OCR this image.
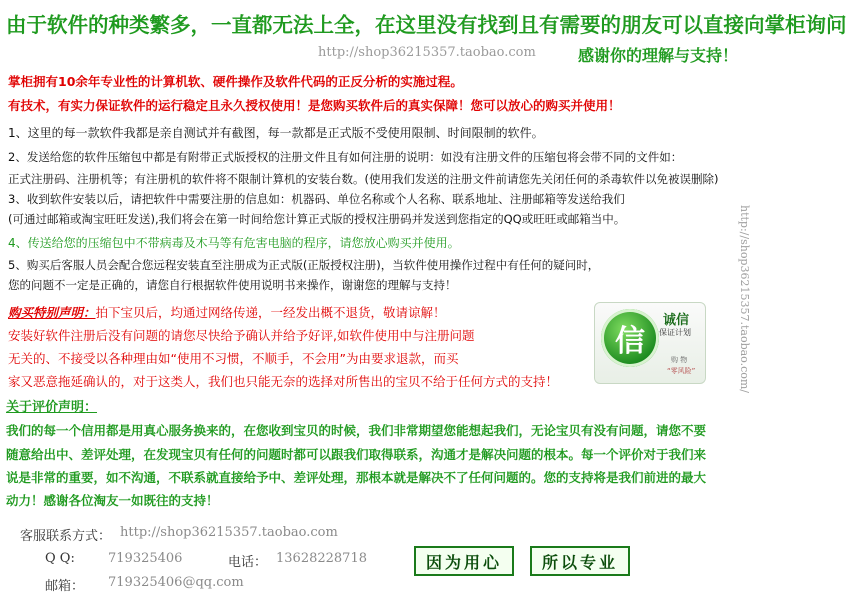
由于软件的种类繁多，一直都无法上全，在这里没有找到且有需要的朋友可以直接向掌柜询问
http://shop36215357.taobao.com	感谢你的理解与支持！
掌柜拥有10余年专业性的计算机软、硬件操作及软件代码的正反分析的实施过程。
有技术，有实力保证软件的运行稳定且永久授权使用！是您购买软件后的真实保障！您可以放心的购买并使用！
1、这里的每一款软件我都是亲自测试并有截图，每一款都是正式版不受使用限制、时间限制的软件。
2、发送给您的软件压缩包中都是有附带正式版授权的注册文件且有如何注册的说明：如没有注册文件的压缩包将会带不同的文件如：
正式注册码、注册机等；有注册机的软件将不限制计算机的安装台数。(使用我们发送的注册文件前请您先关闭任何的杀毒软件以免被误删除)
3、收到软件安装以后，请把软件中需要注册的信息如：机器码、单位名称或个人名称、联系地址、注册邮箱等发送给我们
(可通过邮箱或淘宝旺旺发送),我们将会在第一时间给您计算正式版的授权注册码并发送到您指定的QQ或旺旺或邮箱当中。
4、传送给您的压缩包中不带病毒及木马等有危害电脑的程序，请您放心购买并使用。
5、购买后客服人员会配合您远程安装直至注册成为正式版(正版授权注册)，当软件使用操作过程中有任何的疑问时，
您的问题不一定是正确的，请您自行根据软件使用说明书来操作，谢谢您的理解与支持！
购买特别声明：拍下宝贝后，均通过网络传递，一经发出概不退货，敬请谅解！
安装好软件注册后没有问题的请您尽快给予确认并给予好评,如软件使用中与注册问题
无关的、不接受以各种理由如“使用不习惯，不顺手，不会用”为由要求退款，而买
家又恶意拖延确认的，对于这类人，我们也只能无奈的选择对所售出的宝贝不给于任何方式的支持！
信
诚信
保证计划
购 物
“零风险”
关于评价声明：
我们的每一个信用都是用真心服务换来的，在您收到宝贝的时候，我们非常期望您能想起我们，无论宝贝有没有问题，请您不要
随意给出中、差评处理，在发现宝贝有任何的问题时都可以跟我们取得联系，沟通才是解决问题的根本。每一个评价对于我们来
说是非常的重要，如不沟通，不联系就直接给予中、差评处理，那根本就是解决不了任何问题的。您的支持将是我们前进的最大
动力！感谢各位淘友一如既往的支持！
客服联系方式： http://shop36215357.taobao.com
Q Q:	719325406	电话： 13628228718
邮箱： 719325406@qq.com
因为用心	所以专业
http://shop36215357.taobao.com/
